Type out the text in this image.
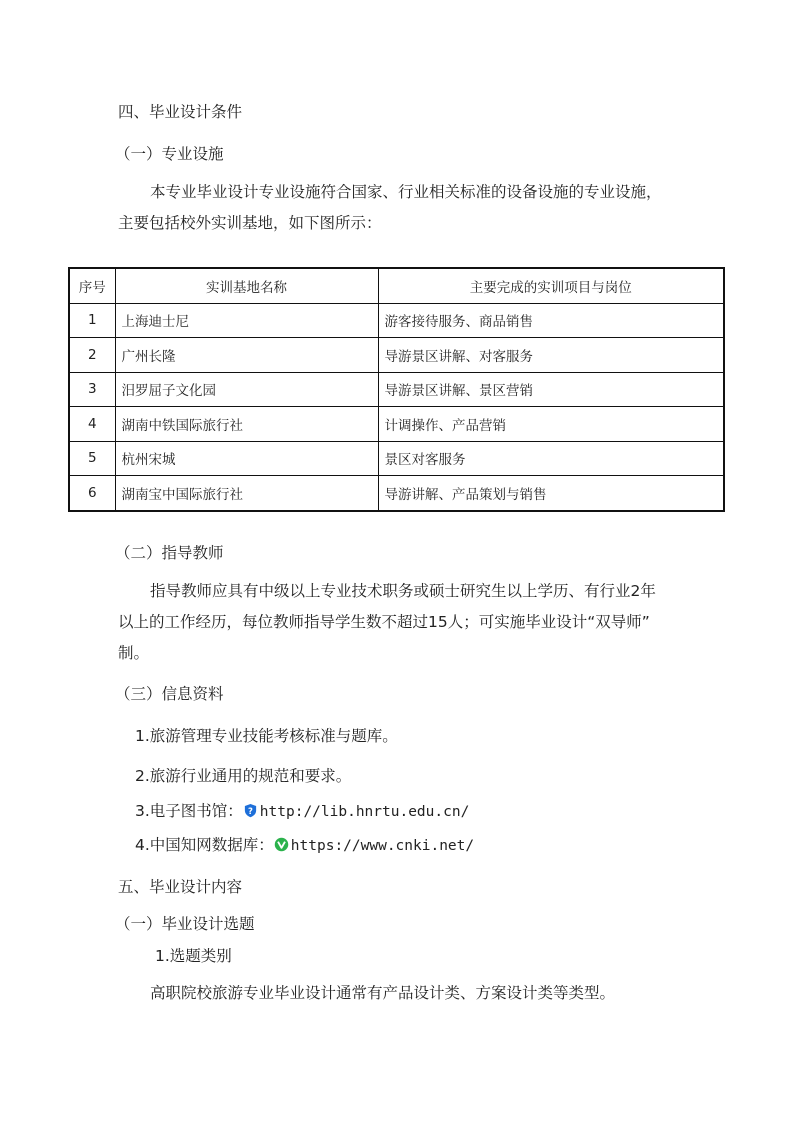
四、毕业设计条件

（一）专业设施

本专业毕业设计专业设施符合国家、行业相关标准的设备设施的专业设施，

主要包括校外实训基地，如下图所示：

序号	实训基地名称	主要完成的实训项目与岗位
1	上海迪士尼	游客接待服务、商品销售
2	广州长隆	导游景区讲解、对客服务
3	汨罗屈子文化园	导游景区讲解、景区营销
4	湖南中铁国际旅行社	计调操作、产品营销
5	杭州宋城	景区对客服务
6	湖南宝中国际旅行社	导游讲解、产品策划与销售

（二）指导教师

指导教师应具有中级以上专业技术职务或硕士研究生以上学历、有行业2年

以上的工作经历，每位教师指导学生数不超过15人；可实施毕业设计“双导师”

制。

（三）信息资料

1.旅游管理专业技能考核标准与题库。

2.旅游行业通用的规范和要求。

3.电子图书馆： ? http://lib.hnrtu.edu.cn/

4.中国知网数据库： https://www.cnki.net/

五、毕业设计内容

（一）毕业设计选题

1.选题类别

高职院校旅游专业毕业设计通常有产品设计类、方案设计类等类型。
